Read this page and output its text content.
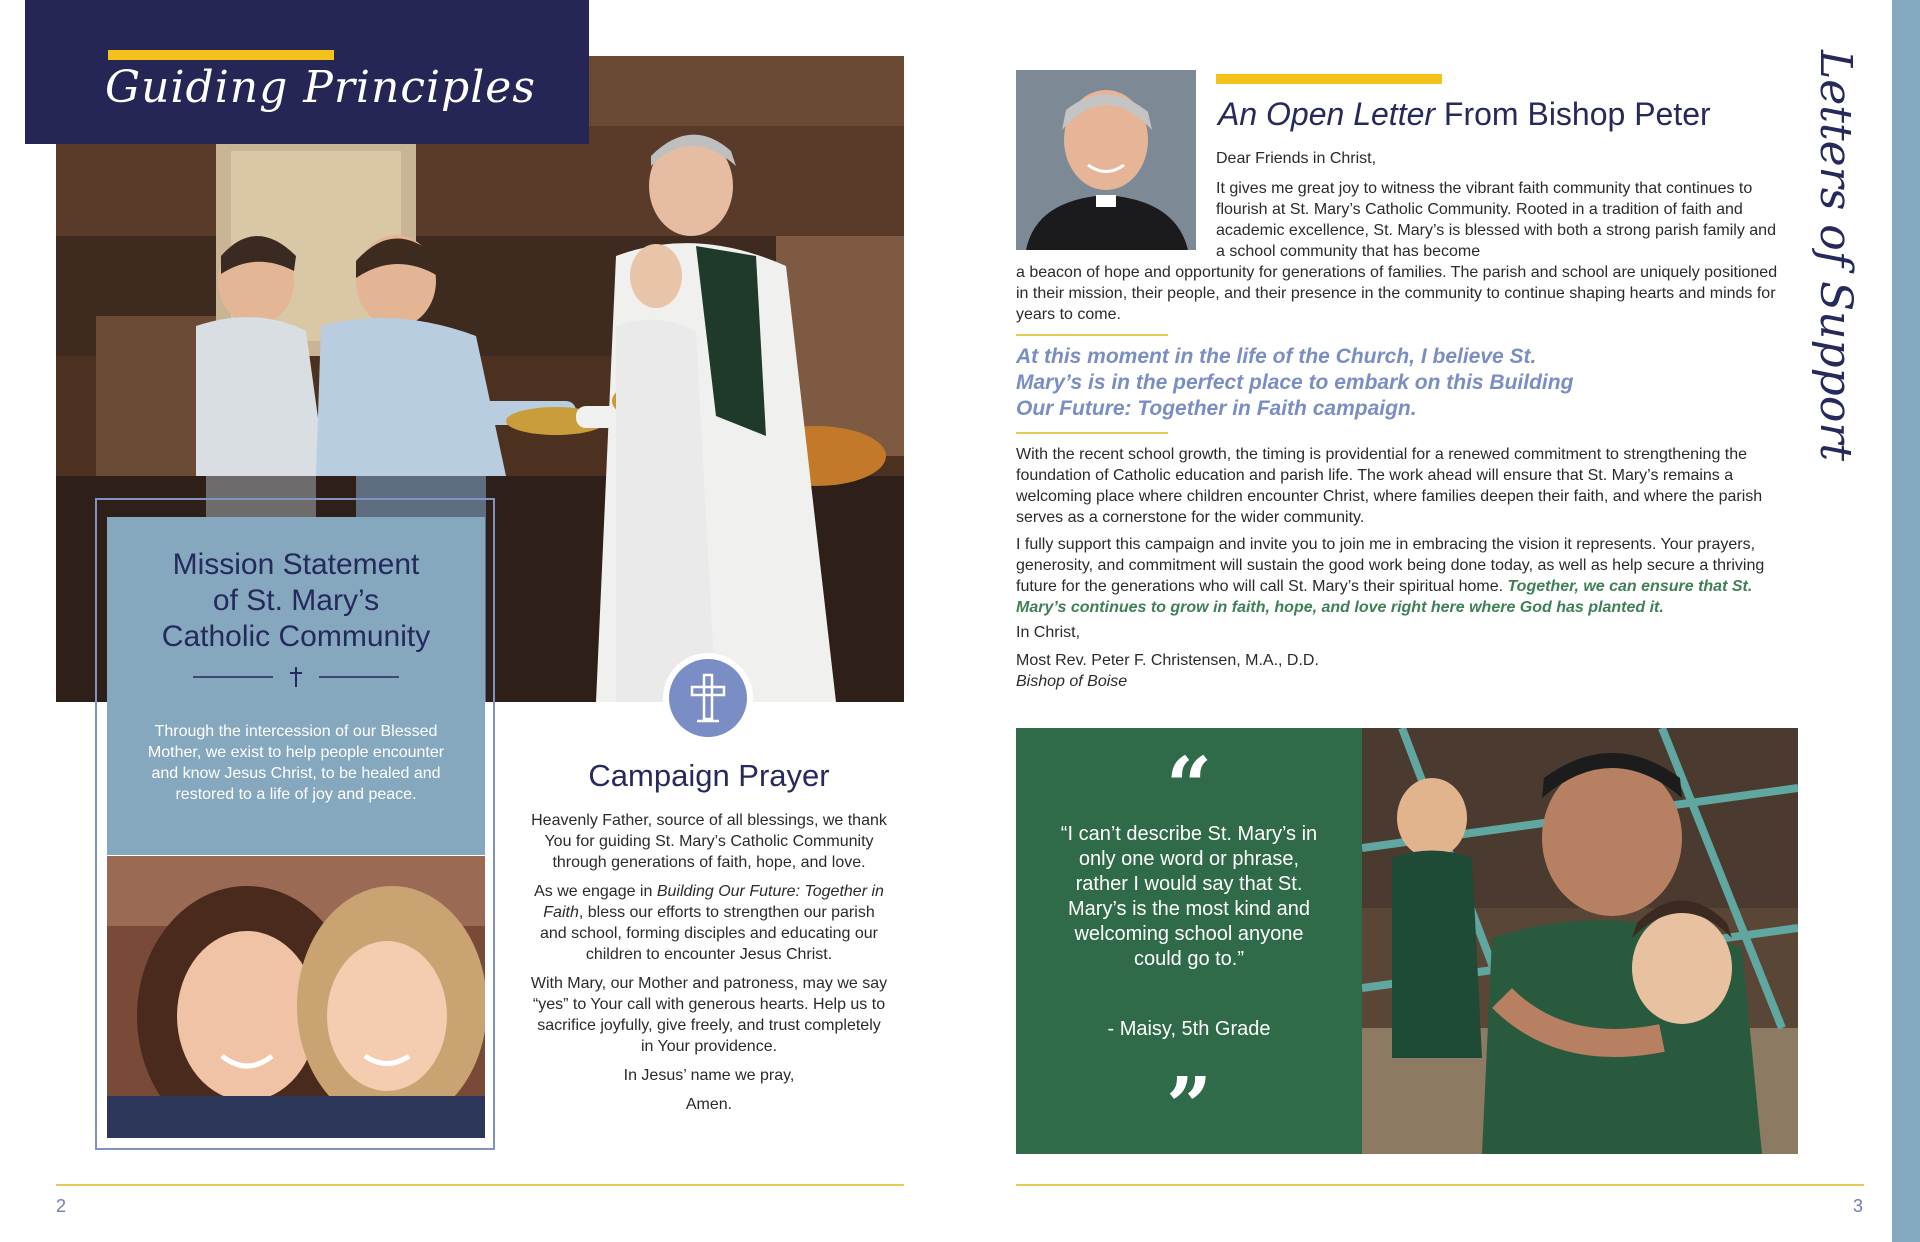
Guiding Principles
Mission Statement
of St. Mary’s
Catholic Community
Through the intercession of our Blessed Mother, we exist to help people encounter and know Jesus Christ, to be healed and restored to a life of joy and peace.
Campaign Prayer

Heavenly Father, source of all blessings, we thank You for guiding St. Mary’s Catholic Community through generations of faith, hope, and love.

As we engage in Building Our Future: Together in Faith, bless our efforts to strengthen our parish and school, forming disciples and educating our children to encounter Jesus Christ.

With Mary, our Mother and patroness, may we say “yes” to Your call with generous hearts. Help us to sacrifice joyfully, give freely, and trust completely in Your providence.

In Jesus’ name we pray,

Amen.

2
Letters of Support
An Open Letter From Bishop Peter
Dear Friends in Christ,
It gives me great joy to witness the vibrant faith community that continues to flourish at St. Mary’s Catholic Community. Rooted in a tradition of faith and academic excellence, St. Mary’s is blessed with both a strong parish family and a school community that has become
a beacon of hope and opportunity for generations of families. The parish and school are uniquely positioned in their mission, their people, and their presence in the community to continue shaping hearts and minds for years to come.
At this moment in the life of the Church, I believe St. Mary’s is in the perfect place to embark on this Building Our Future: Together in Faith campaign.
With the recent school growth, the timing is providential for a renewed commitment to strengthening the foundation of Catholic education and parish life. The work ahead will ensure that St. Mary’s remains a welcoming place where children encounter Christ, where families deepen their faith, and where the parish serves as a cornerstone for the wider community.
I fully support this campaign and invite you to join me in embracing the vision it represents. Your prayers, generosity, and commitment will sustain the good work being done today, as well as help secure a thriving future for the generations who will call St. Mary’s their spiritual home. Together, we can ensure that St. Mary’s continues to grow in faith, hope, and love right here where God has planted it.
In Christ,
Most Rev. Peter F. Christensen, M.A., D.D.
Bishop of Boise
“
“I can’t describe St. Mary’s in only one word or phrase, rather I would say that St. Mary’s is the most kind and welcoming school anyone could go to.”
- Maisy, 5th Grade
”
3
